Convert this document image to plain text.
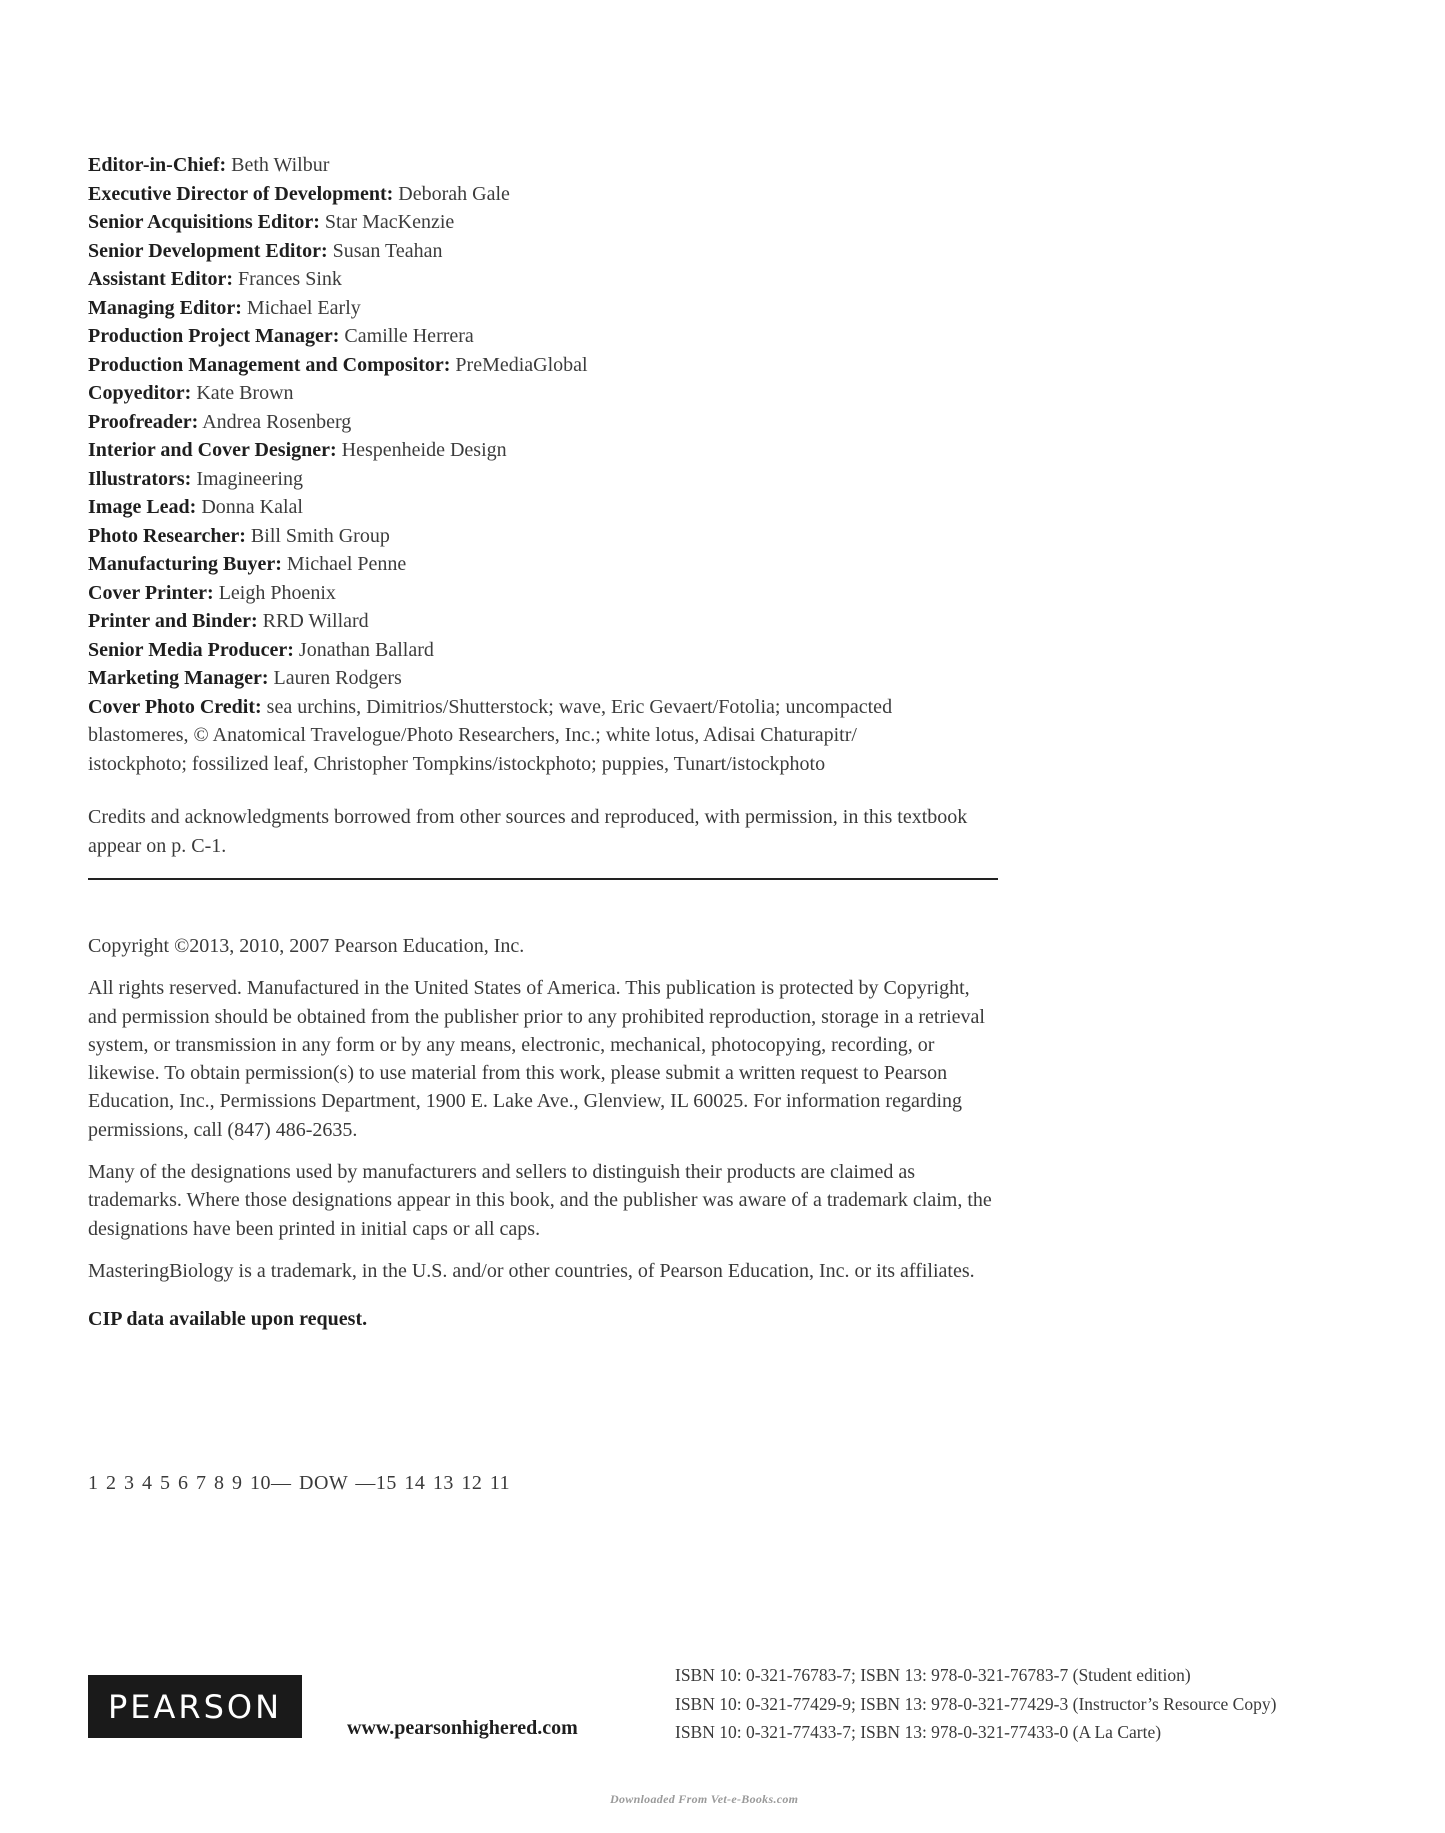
Editor-in-Chief: Beth Wilbur

Executive Director of Development: Deborah Gale

Senior Acquisitions Editor: Star MacKenzie

Senior Development Editor: Susan Teahan

Assistant Editor: Frances Sink

Managing Editor: Michael Early

Production Project Manager: Camille Herrera

Production Management and Compositor: PreMediaGlobal

Copyeditor: Kate Brown

Proofreader: Andrea Rosenberg

Interior and Cover Designer: Hespenheide Design

Illustrators: Imagineering

Image Lead: Donna Kalal

Photo Researcher: Bill Smith Group

Manufacturing Buyer: Michael Penne

Cover Printer: Leigh Phoenix

Printer and Binder: RRD Willard

Senior Media Producer: Jonathan Ballard

Marketing Manager: Lauren Rodgers

Cover Photo Credit: sea urchins, Dimitrios/Shutterstock; wave, Eric Gevaert/Fotolia; uncompacted blastomeres, © Anatomical Travelogue/Photo Researchers, Inc.; white lotus, Adisai Chaturapitr/ istockphoto; fossilized leaf, Christopher Tompkins/istockphoto; puppies, Tunart/istockphoto

Credits and acknowledgments borrowed from other sources and reproduced, with permission, in this textbook appear on p. C-1.

Copyright ©2013, 2010, 2007 Pearson Education, Inc.

All rights reserved. Manufactured in the United States of America. This publication is protected by Copyright, and permission should be obtained from the publisher prior to any prohibited reproduction, storage in a retrieval system, or transmission in any form or by any means, electronic, mechanical, photocopying, recording, or likewise. To obtain permission(s) to use material from this work, please submit a written request to Pearson Education, Inc., Permissions Department, 1900 E. Lake Ave., Glenview, IL 60025. For information regarding permissions, call (847) 486-2635.

Many of the designations used by manufacturers and sellers to distinguish their products are claimed as trademarks. Where those designations appear in this book, and the publisher was aware of a trademark claim, the designations have been printed in initial caps or all caps.

MasteringBiology is a trademark, in the U.S. and/or other countries, of Pearson Education, Inc. or its affiliates.

CIP data available upon request.

1 2 3 4 5 6 7 8 9 10— DOW —15 14 13 12 11
PEARSON
www.pearsonhighered.com
ISBN 10: 0-321-76783-7; ISBN 13: 978-0-321-76783-7 (Student edition)
ISBN 10: 0-321-77429-9; ISBN 13: 978-0-321-77429-3 (Instructor’s Resource Copy)
ISBN 10: 0-321-77433-7; ISBN 13: 978-0-321-77433-0 (A La Carte)
Downloaded From Vet-e-Books.com
